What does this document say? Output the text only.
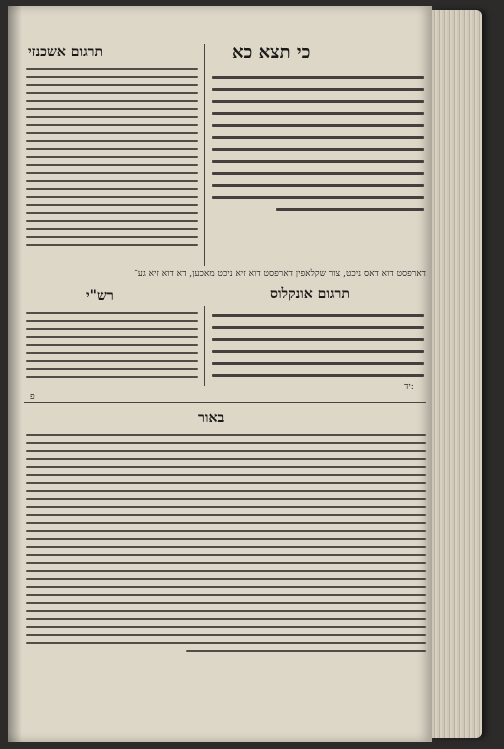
כי תצא כא
תרגום אשכנזי
דארפסט דוא דאס ניכט, צור שקלאפין דארפסט דוא זיא ניכט מאכען, דא דוא זיא גע־
תרגום אונקלוס
רש"י
פ
יד:
באור
